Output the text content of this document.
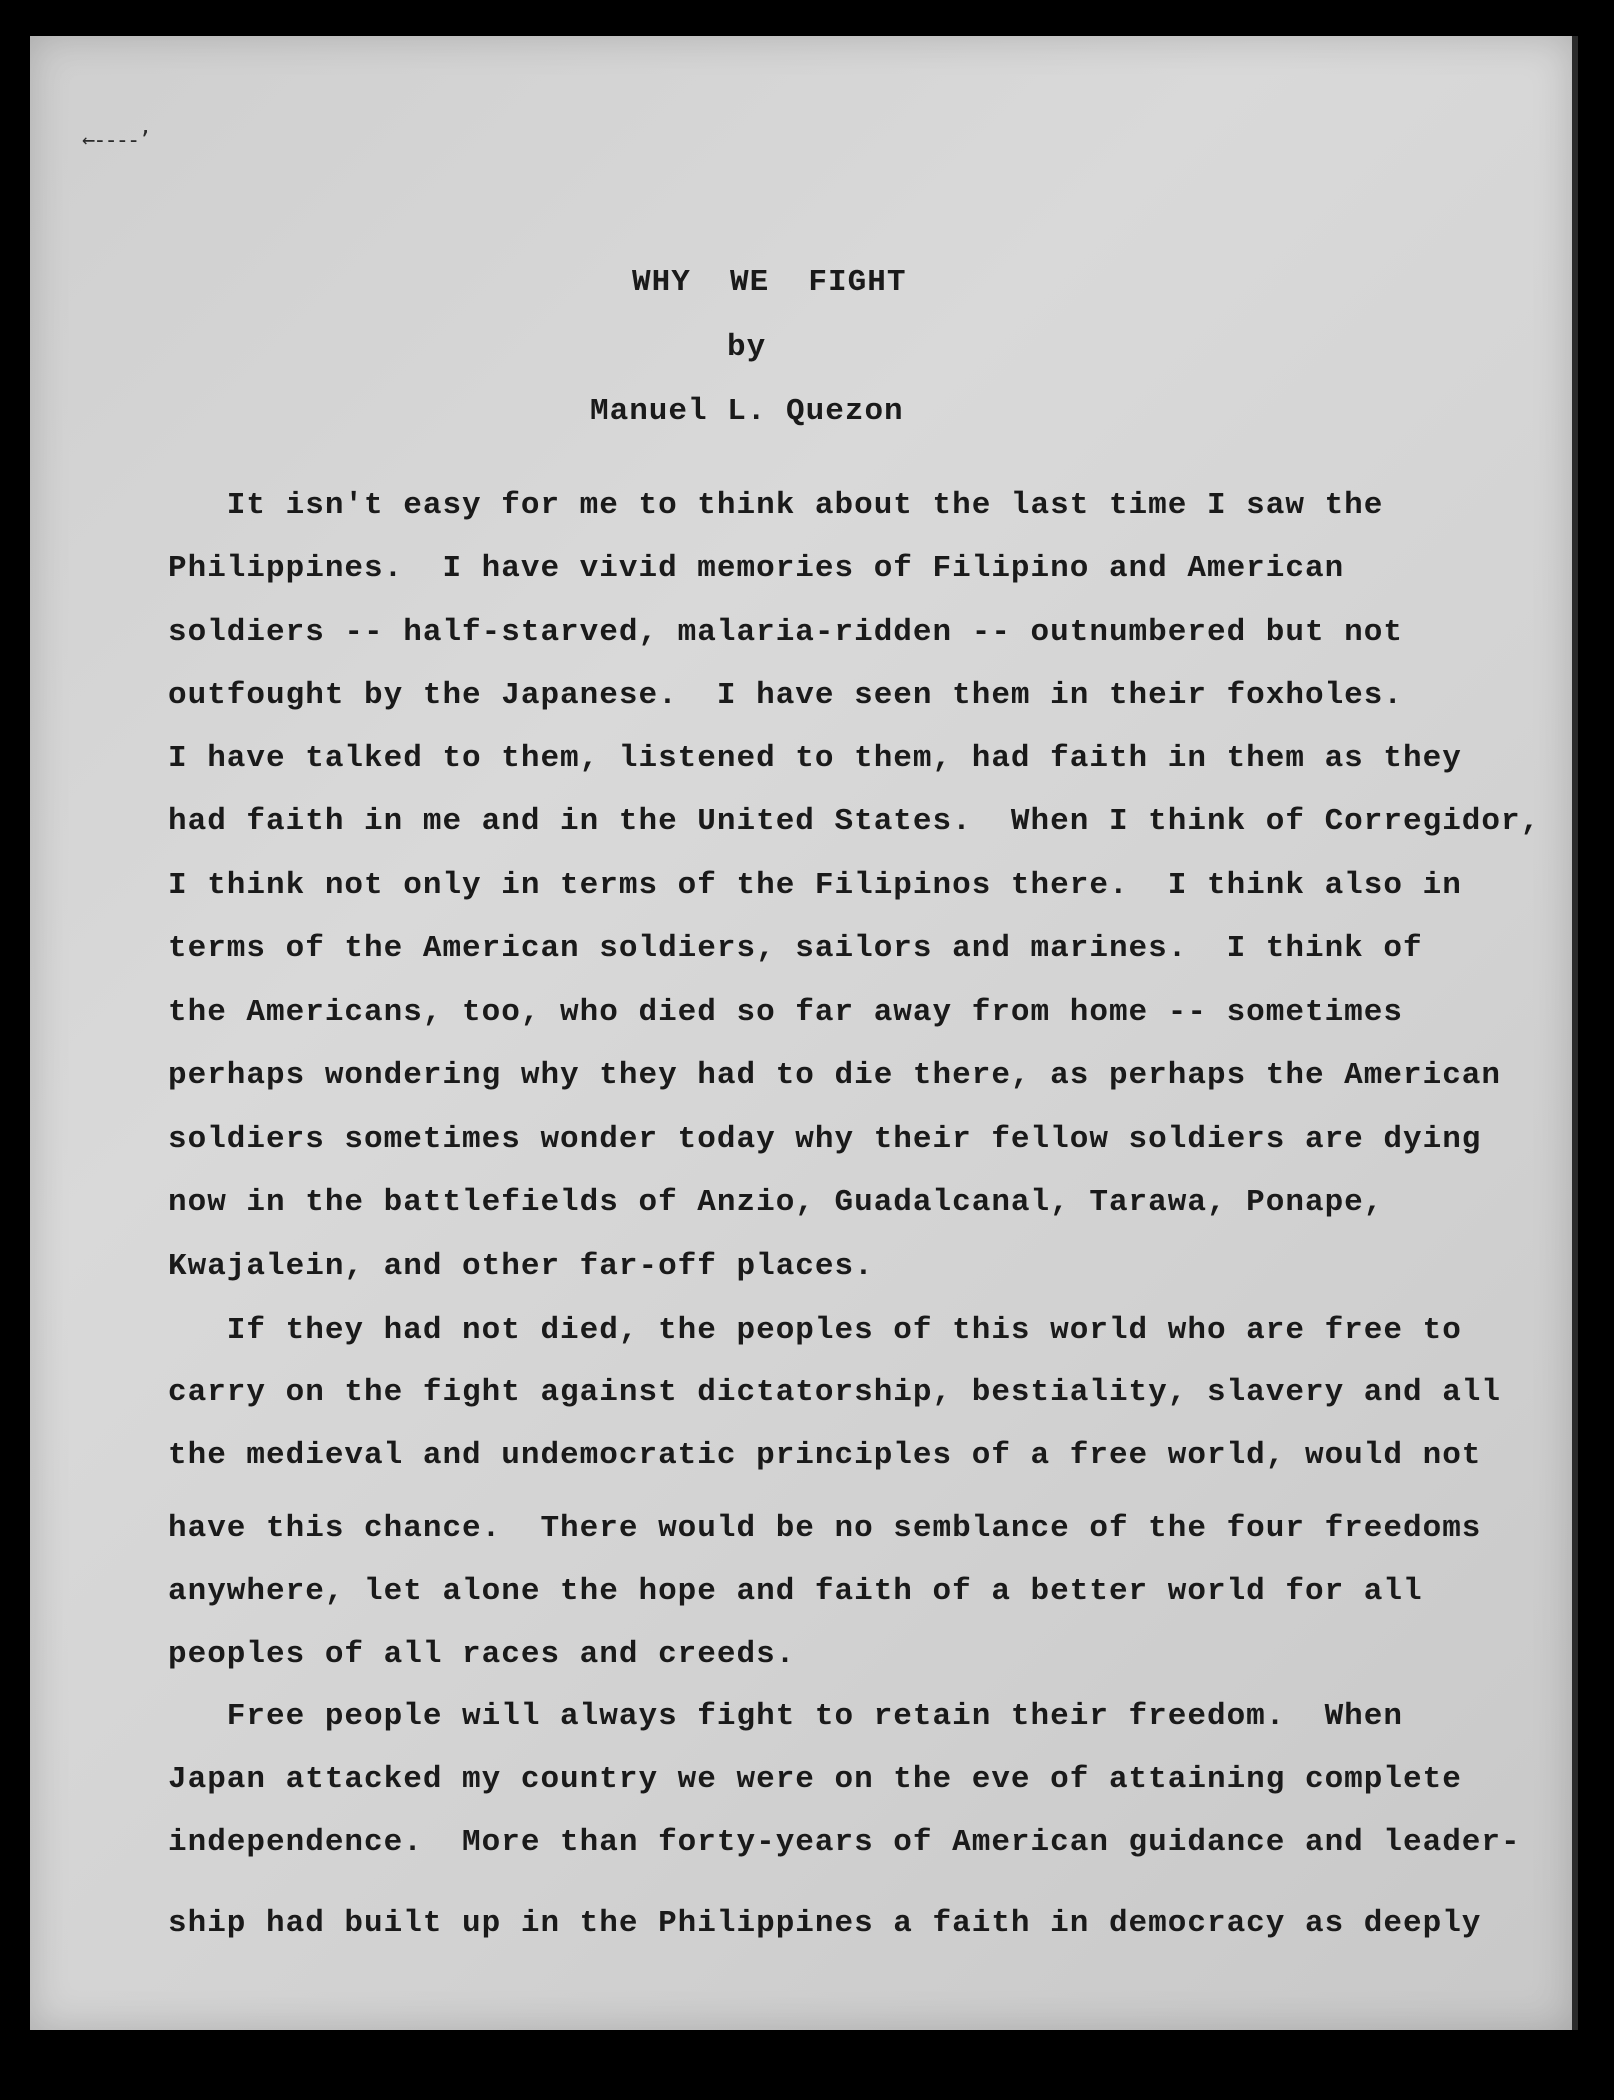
←----’

WHY  WE  FIGHT

by

Manuel L. Quezon

It isn't easy for me to think about the last time I saw the
Philippines.  I have vivid memories of Filipino and American
soldiers -- half-starved, malaria-ridden -- outnumbered but not
outfought by the Japanese.  I have seen them in their foxholes.
I have talked to them, listened to them, had faith in them as they
had faith in me and in the United States.  When I think of Corregidor,
I think not only in terms of the Filipinos there.  I think also in
terms of the American soldiers, sailors and marines.  I think of
the Americans, too, who died so far away from home -- sometimes
perhaps wondering why they had to die there, as perhaps the American
soldiers sometimes wonder today why their fellow soldiers are dying
now in the battlefields of Anzio, Guadalcanal, Tarawa, Ponape,
Kwajalein, and other far-off places.
If they had not died, the peoples of this world who are free to
carry on the fight against dictatorship, bestiality, slavery and all
the medieval and undemocratic principles of a free world, would not
have this chance.  There would be no semblance of the four freedoms
anywhere, let alone the hope and faith of a better world for all
peoples of all races and creeds.
Free people will always fight to retain their freedom.  When
Japan attacked my country we were on the eve of attaining complete
independence.  More than forty-years of American guidance and leader-
ship had built up in the Philippines a faith in democracy as deeply
